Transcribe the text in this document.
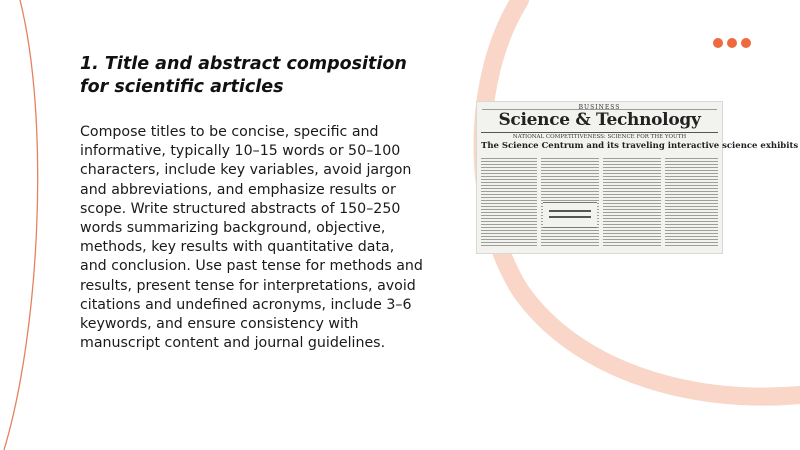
1. Title and abstract composition for scientific articles

Compose titles to be concise, specific and informative, typically 10–15 words or 50–100 characters, include key variables, avoid jargon and abbreviations, and emphasize results or scope. Write structured abstracts of 150–250 words summarizing background, objective, methods, key results with quantitative data, and conclusion. Use past tense for methods and results, present tense for interpretations, avoid citations and undefined acronyms, include 3–6 keywords, and ensure consistency with manuscript content and journal guidelines.

BUSINESS
Science & Technology
NATIONAL COMPETITIVENESS: SCIENCE FOR THE YOUTH
The Science Centrum and its traveling interactive science exhibits
